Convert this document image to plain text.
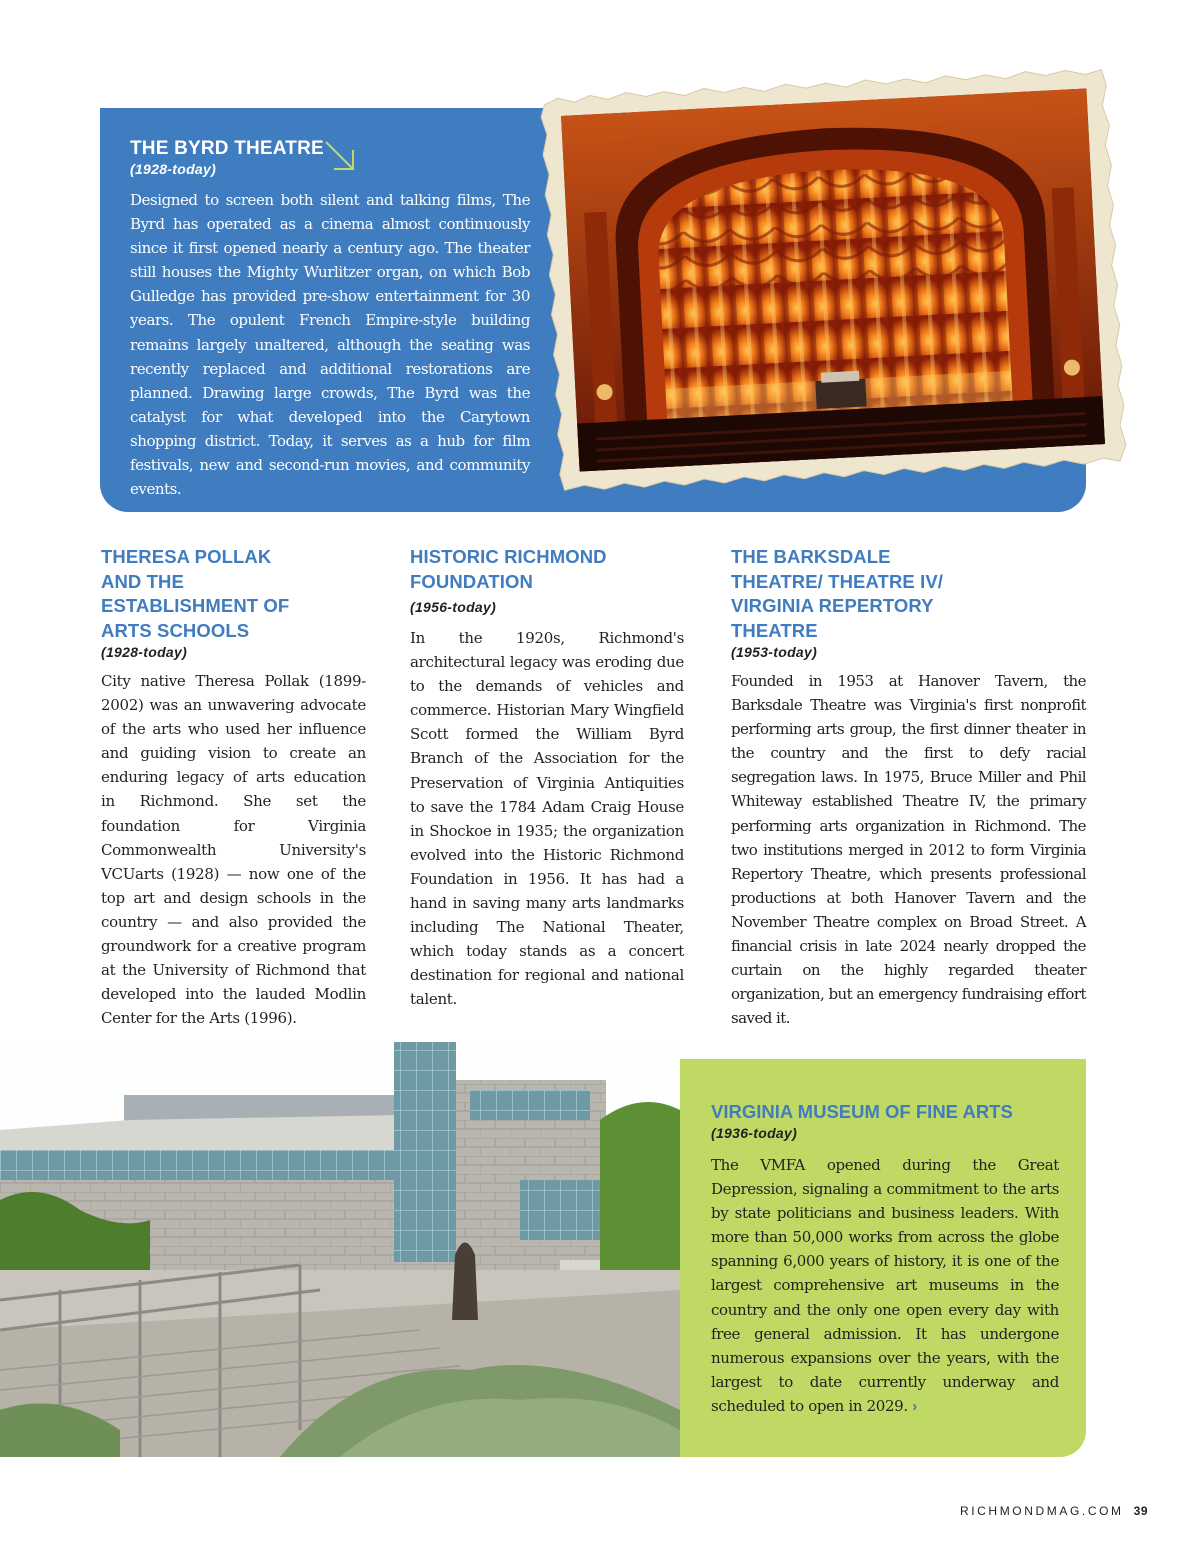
THE BYRD THEATRE
(1928-today)
Designed to screen both silent and talking films, The Byrd has operated as a cinema almost continuously since it first opened nearly a century ago. The theater still houses the Mighty Wurlitzer organ, on which Bob Gulledge has provided pre-show entertainment for 30 years. The opulent French Empire-style building remains largely unaltered, although the seating was recently replaced and additional restorations are planned. Drawing large crowds, The Byrd was the catalyst for what developed into the Carytown shopping district. Today, it serves as a hub for film festivals, new and second-run movies, and community events.
THERESA POLLAK AND THE ESTABLISHMENT OF ARTS SCHOOLS
(1928-today)
City native Theresa Pollak (1899-2002) was an unwavering advocate of the arts who used her influence and guiding vision to create an enduring legacy of arts education in Richmond. She set the foundation for Virginia Commonwealth University's VCUarts (1928) — now one of the top art and design schools in the country — and also provided the groundwork for a creative program at the University of Richmond that developed into the lauded Modlin Center for the Arts (1996).
HISTORIC RICHMOND FOUNDATION
(1956-today)
In the 1920s, Richmond's architectural legacy was eroding due to the demands of vehicles and commerce. Historian Mary Wingfield Scott formed the William Byrd Branch of the Association for the Preservation of Virginia Antiquities to save the 1784 Adam Craig House in Shockoe in 1935; the organization evolved into the Historic Richmond Foundation in 1956. It has had a hand in saving many arts landmarks including The National Theater, which today stands as a concert destination for regional and national talent.
THE BARKSDALE THEATRE/ THEATRE IV/ VIRGINIA REPERTORY THEATRE
(1953-today)
Founded in 1953 at Hanover Tavern, the Barksdale Theatre was Virginia's first nonprofit performing arts group, the first dinner theater in the country and the first to defy racial segregation laws. In 1975, Bruce Miller and Phil Whiteway established Theatre IV, the primary performing arts organization in Richmond. The two institutions merged in 2012 to form Virginia Repertory Theatre, which presents professional productions at both Hanover Tavern and the November Theatre complex on Broad Street. A financial crisis in late 2024 nearly dropped the curtain on the highly regarded theater organization, but an emergency fundraising effort saved it.
VIRGINIA MUSEUM OF FINE ARTS
(1936-today)
The VMFA opened during the Great Depression, signaling a commitment to the arts by state politicians and business leaders. With more than 50,000 works from across the globe spanning 6,000 years of history, it is one of the largest comprehensive art museums in the country and the only one open every day with free general admission. It has undergone numerous expansions over the years, with the largest to date currently underway and scheduled to open in 2029. ›
RICHMONDMAG.COM 39
